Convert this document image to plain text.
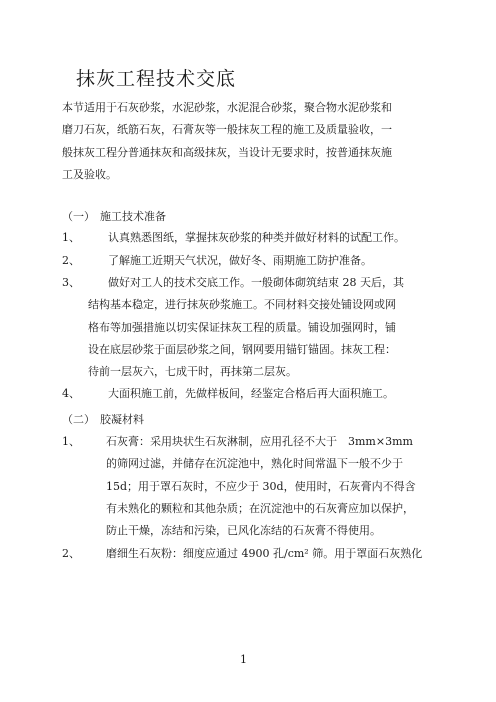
抹灰工程技术交底
本节适用于石灰砂浆，水泥砂浆，水泥混合砂浆，聚合物水泥砂浆和
磨刀石灰，纸筋石灰，石膏灰等一般抹灰工程的施工及质量验收，一
般抹灰工程分普通抹灰和高级抹灰，当设计无要求时，按普通抹灰施
工及验收。
（一） 施工技术准备
1、	认真熟悉图纸，掌握抹灰砂浆的种类并做好材料的试配工作。
2、	了解施工近期天气状况，做好冬、雨期施工防护准备。
3、	做好对工人的技术交底工作。一般砌体砌筑结束 28 天后，其
结构基本稳定，进行抹灰砂浆施工。不同材料交接处铺设网或网
格布等加强措施以切实保证抹灰工程的质量。铺设加强网时，铺
设在底层砂浆于面层砂浆之间，钢网要用锚钉锚固。抹灰工程：
待前一层灰六，七成干时，再抹第二层灰。
4、	大面积施工前，先做样板间，经鉴定合格后再大面积施工。
（二） 胶凝材料
1、 石灰膏：采用块状生石灰淋制，应用孔径不大于　3mm×3mm
的筛网过滤，并储存在沉淀池中，熟化时间常温下一般不少于
15d；用于罩石灰时，不应少于 30d，使用时，石灰膏内不得含
有未熟化的颗粒和其他杂质；在沉淀池中的石灰膏应加以保护，
防止干燥，冻结和污染，已风化冻结的石灰膏不得使用。
2、 磨细生石灰粉：细度应通过 4900 孔/cm² 筛。用于罩面石灰熟化
1
